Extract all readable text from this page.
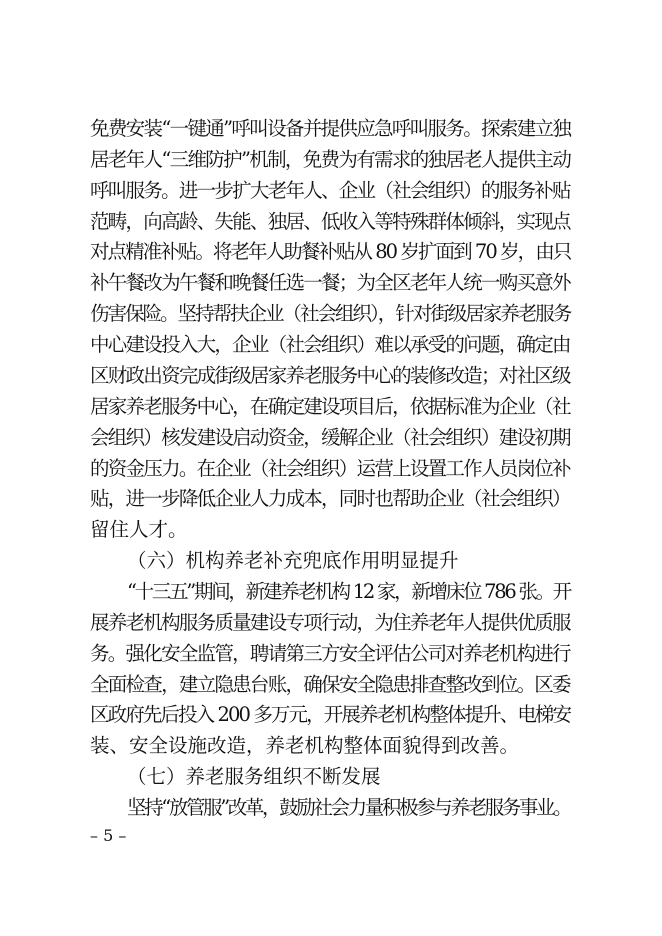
免费安装“一键通”呼叫设备并提供应急呼叫服务。探索建立独
居老年人“三维防护”机制，免费为有需求的独居老人提供主动
呼叫服务。进一步扩大老年人、企业（社会组织）的服务补贴
范畴，向高龄、失能、独居、低收入等特殊群体倾斜，实现点
对点精准补贴。将老年人助餐补贴从 80 岁扩面到 70 岁，由只
补午餐改为午餐和晚餐任选一餐；为全区老年人统一购买意外
伤害保险。坚持帮扶企业（社会组织），针对街级居家养老服务
中心建设投入大，企业（社会组织）难以承受的问题，确定由
区财政出资完成街级居家养老服务中心的装修改造；对社区级
居家养老服务中心，在确定建设项目后，依据标准为企业（社
会组织）核发建设启动资金，缓解企业（社会组织）建设初期
的资金压力。在企业（社会组织）运营上设置工作人员岗位补
贴，进一步降低企业人力成本，同时也帮助企业（社会组织）
留住人才。
（六）机构养老补充兜底作用明显提升
“十三五”期间，新建养老机构 12 家，新增床位 786 张。开
展养老机构服务质量建设专项行动，为住养老年人提供优质服
务。强化安全监管，聘请第三方安全评估公司对养老机构进行
全面检查，建立隐患台账，确保安全隐患排查整改到位。区委
区政府先后投入 200 多万元，开展养老机构整体提升、电梯安
装、安全设施改造，养老机构整体面貌得到改善。
（七）养老服务组织不断发展
坚持“放管服”改革，鼓励社会力量积极参与养老服务事业。
– 5 –
